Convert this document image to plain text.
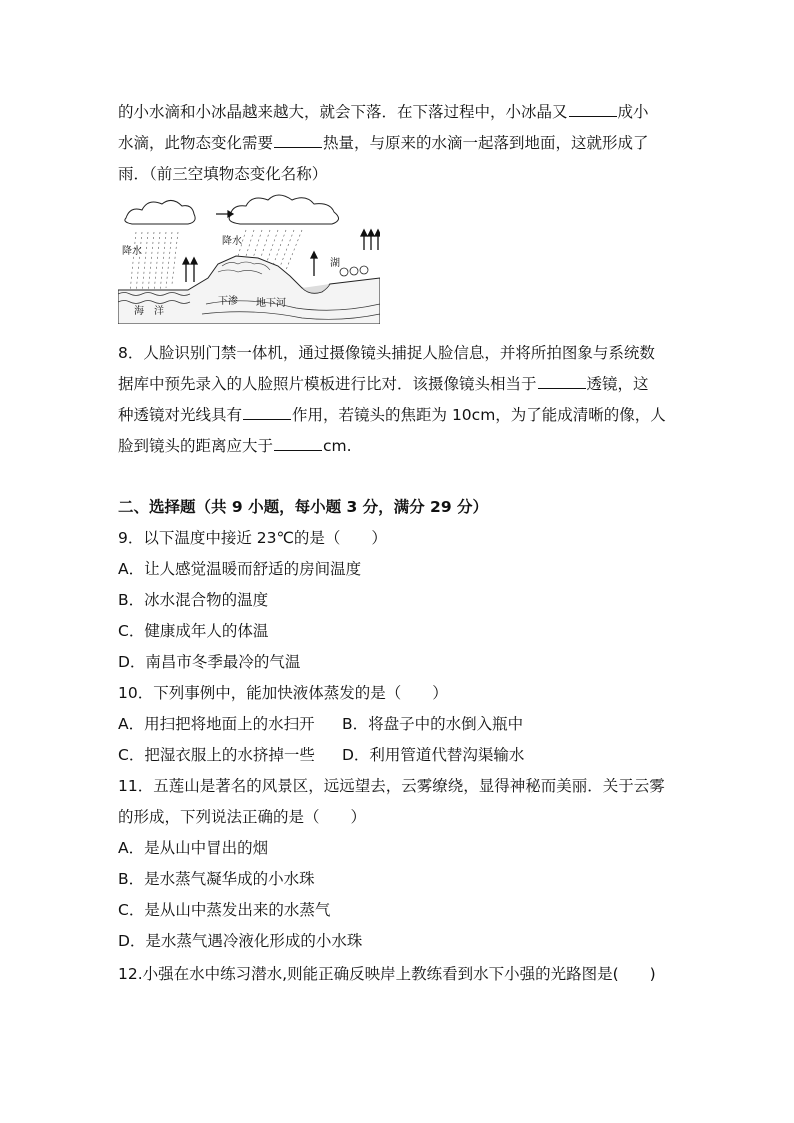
的小水滴和小冰晶越来越大，就会下落．在下落过程中，小冰晶又	成小
水滴，此物态变化需要	热量，与原来的水滴一起落到地面，这就形成了
雨．（前三空填物态变化名称）
降水
降水
海　洋
湖
下渗 地下河
8．人脸识别门禁一体机，通过摄像镜头捕捉人脸信息，并将所拍图象与系统数
据库中预先录入的人脸照片模板进行比对．该摄像镜头相当于	透镜，这
种透镜对光线具有	作用，若镜头的焦距为 10cm，为了能成清晰的像，人
脸到镜头的距离应大于	cm.
二、选择题（共 9 小题，每小题 3 分，满分 29 分）
9．以下温度中接近 23℃的是（　　）
A．让人感觉温暖而舒适的房间温度
B．冰水混合物的温度
C．健康成年人的体温
D．南昌市冬季最冷的气温
10．下列事例中，能加快液体蒸发的是（　　）
A．用扫把将地面上的水扫开 B．将盘子中的水倒入瓶中
C．把湿衣服上的水挤掉一些 D．利用管道代替沟渠输水
11．五莲山是著名的风景区，远远望去，云雾缭绕，显得神秘而美丽．关于云雾
的形成，下列说法正确的是（　　）
A．是从山中冒出的烟
B．是水蒸气凝华成的小水珠
C．是从山中蒸发出来的水蒸气
D．是水蒸气遇冷液化形成的小水珠
12.小强在水中练习潜水,则能正确反映岸上教练看到水下小强的光路图是(　　)
